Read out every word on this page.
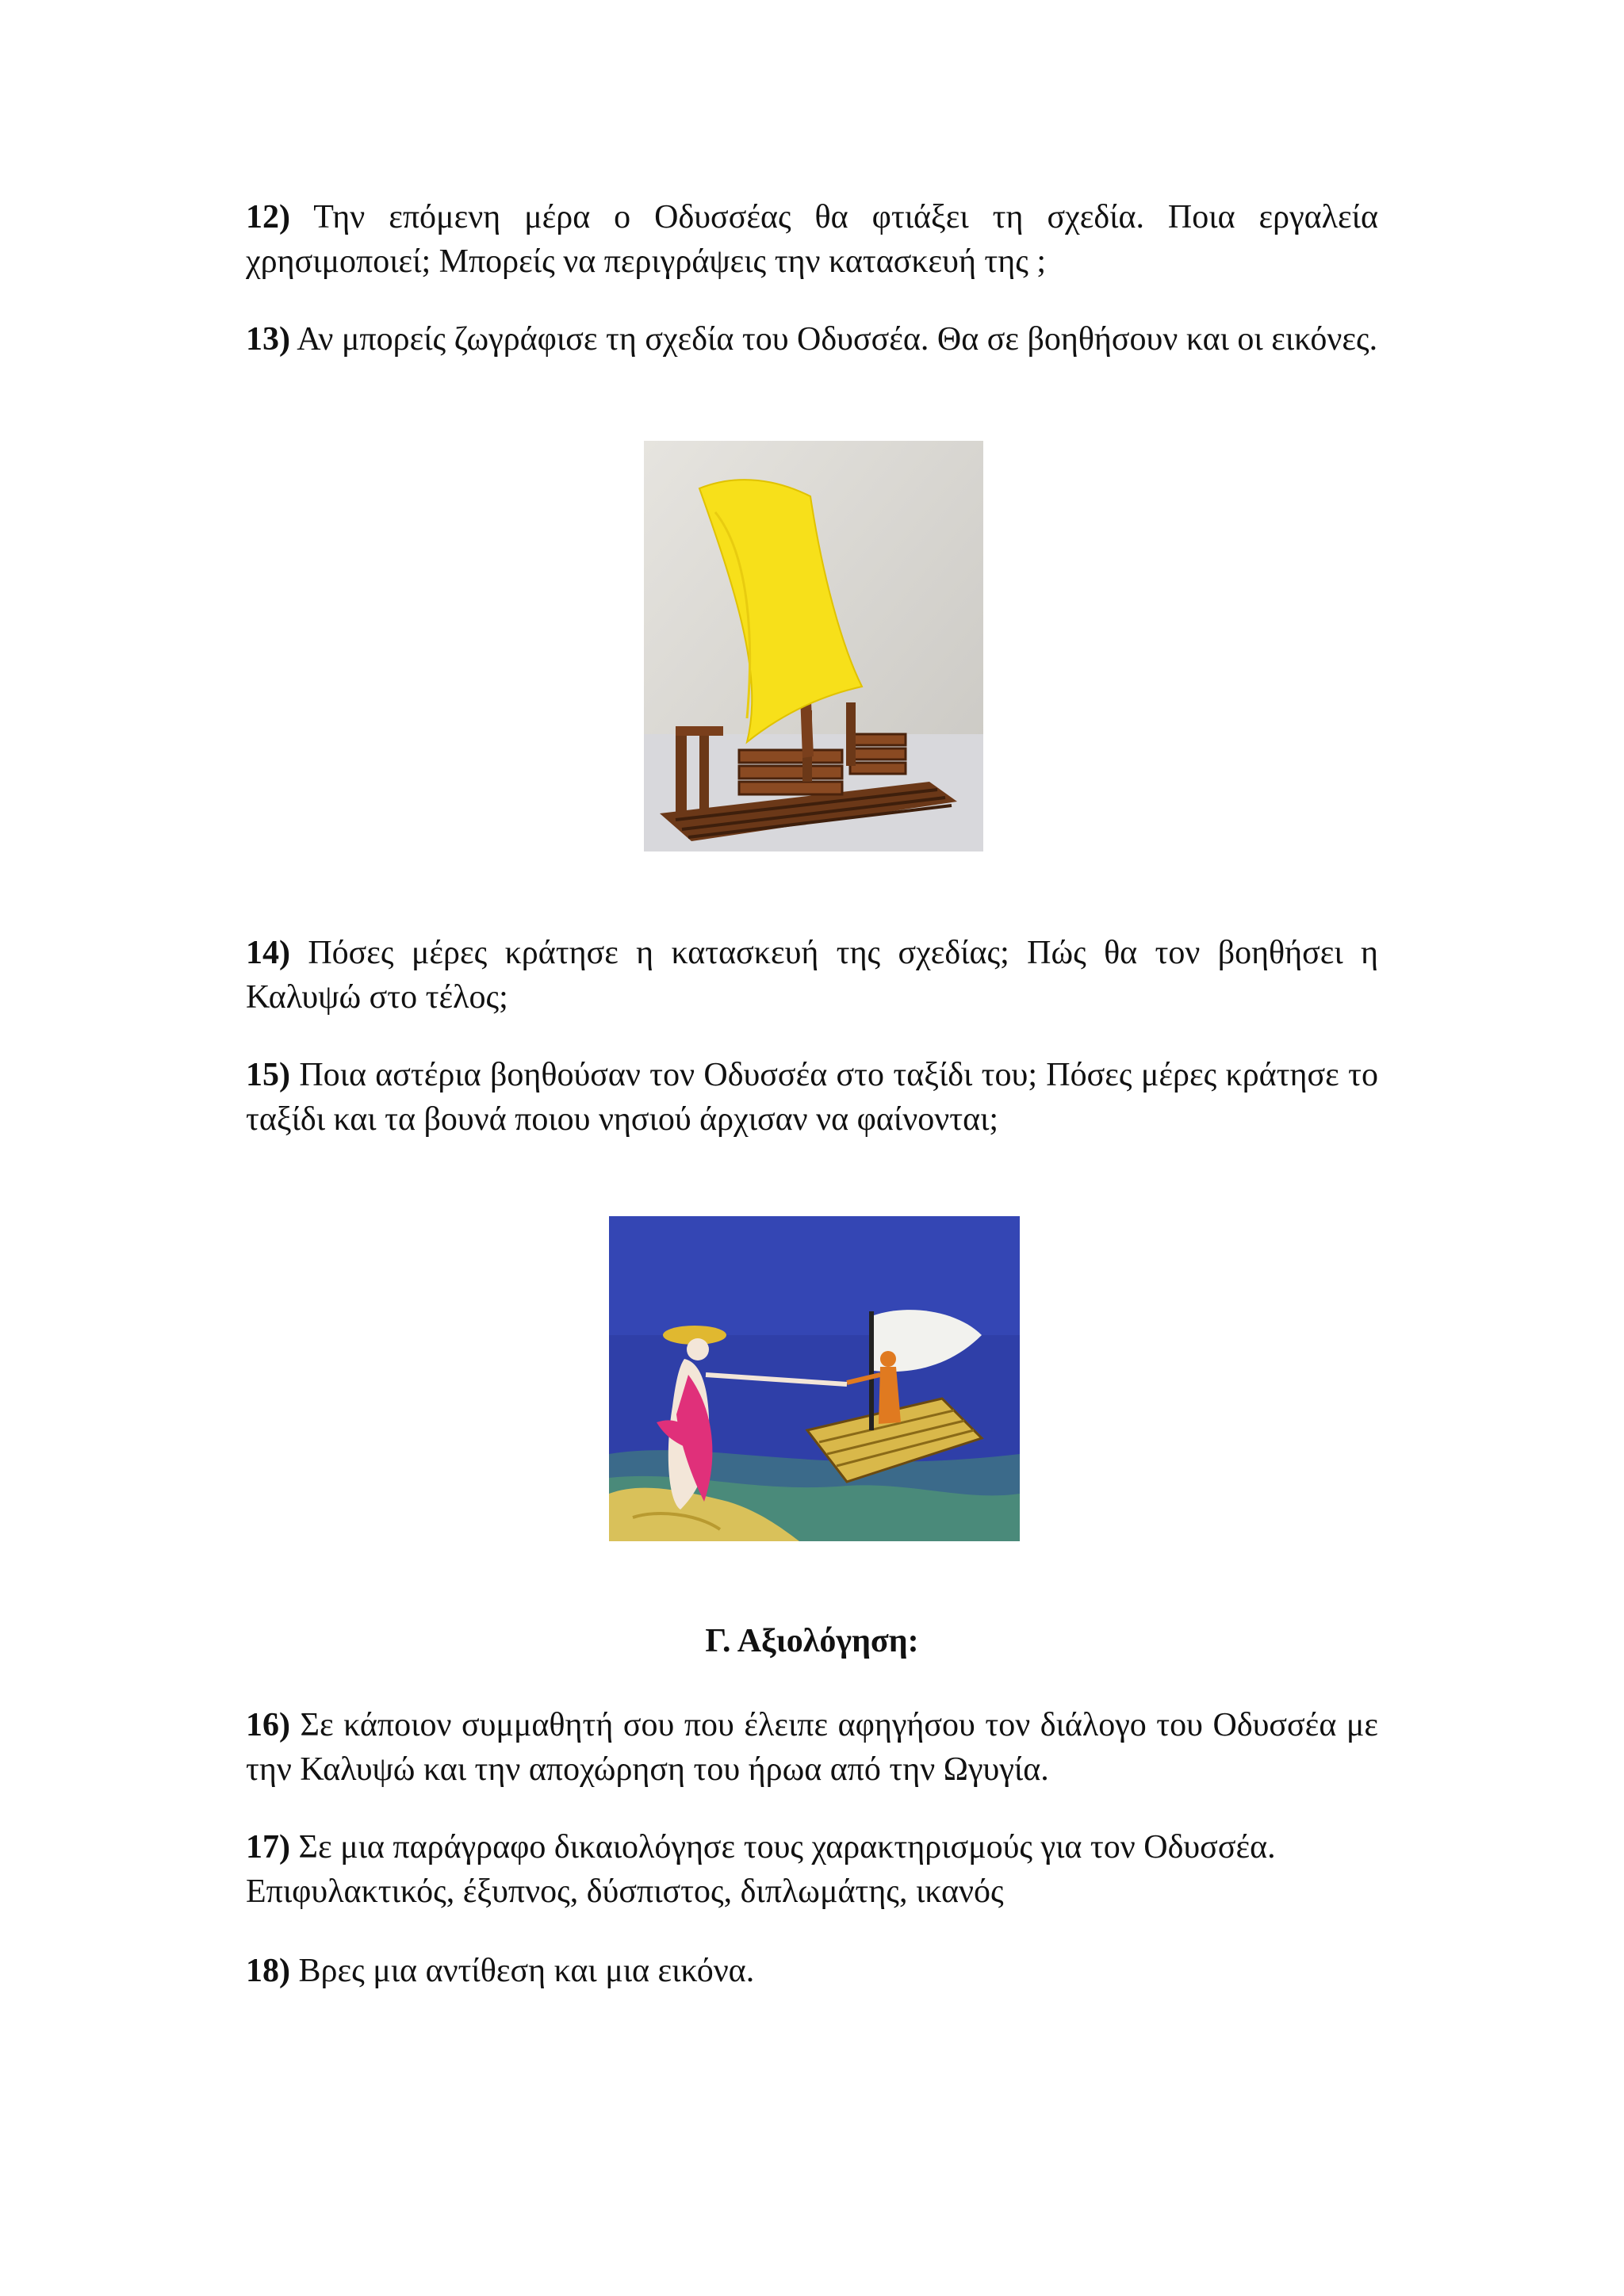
12) Την επόμενη μέρα ο Οδυσσέας θα φτιάξει τη σχεδία. Ποια εργαλεία χρησιμοποιεί; Μπορείς να περιγράψεις την κατασκευή της ;

13) Αν μπορείς ζωγράφισε τη σχεδία του Οδυσσέα. Θα σε βοηθήσουν και οι εικόνες.

14) Πόσες μέρες κράτησε η κατασκευή της σχεδίας; Πώς θα τον βοηθήσει η Καλυψώ στο τέλος;

15) Ποια αστέρια βοηθούσαν τον Οδυσσέα στο ταξίδι του; Πόσες μέρες κράτησε το ταξίδι και τα βουνά ποιου νησιού άρχισαν να φαίνονται;

Γ. Αξιολόγηση:

16) Σε κάποιον συμμαθητή σου που έλειπε αφηγήσου τον διάλογο του Οδυσσέα με την Καλυψώ και την αποχώρηση του ήρωα από την Ωγυγία.

17) Σε μια παράγραφο δικαιολόγησε τους χαρακτηρισμούς για τον Οδυσσέα.
Επιφυλακτικός, έξυπνος, δύσπιστος, διπλωμάτης, ικανός

18) Βρες μια αντίθεση και μια εικόνα.
